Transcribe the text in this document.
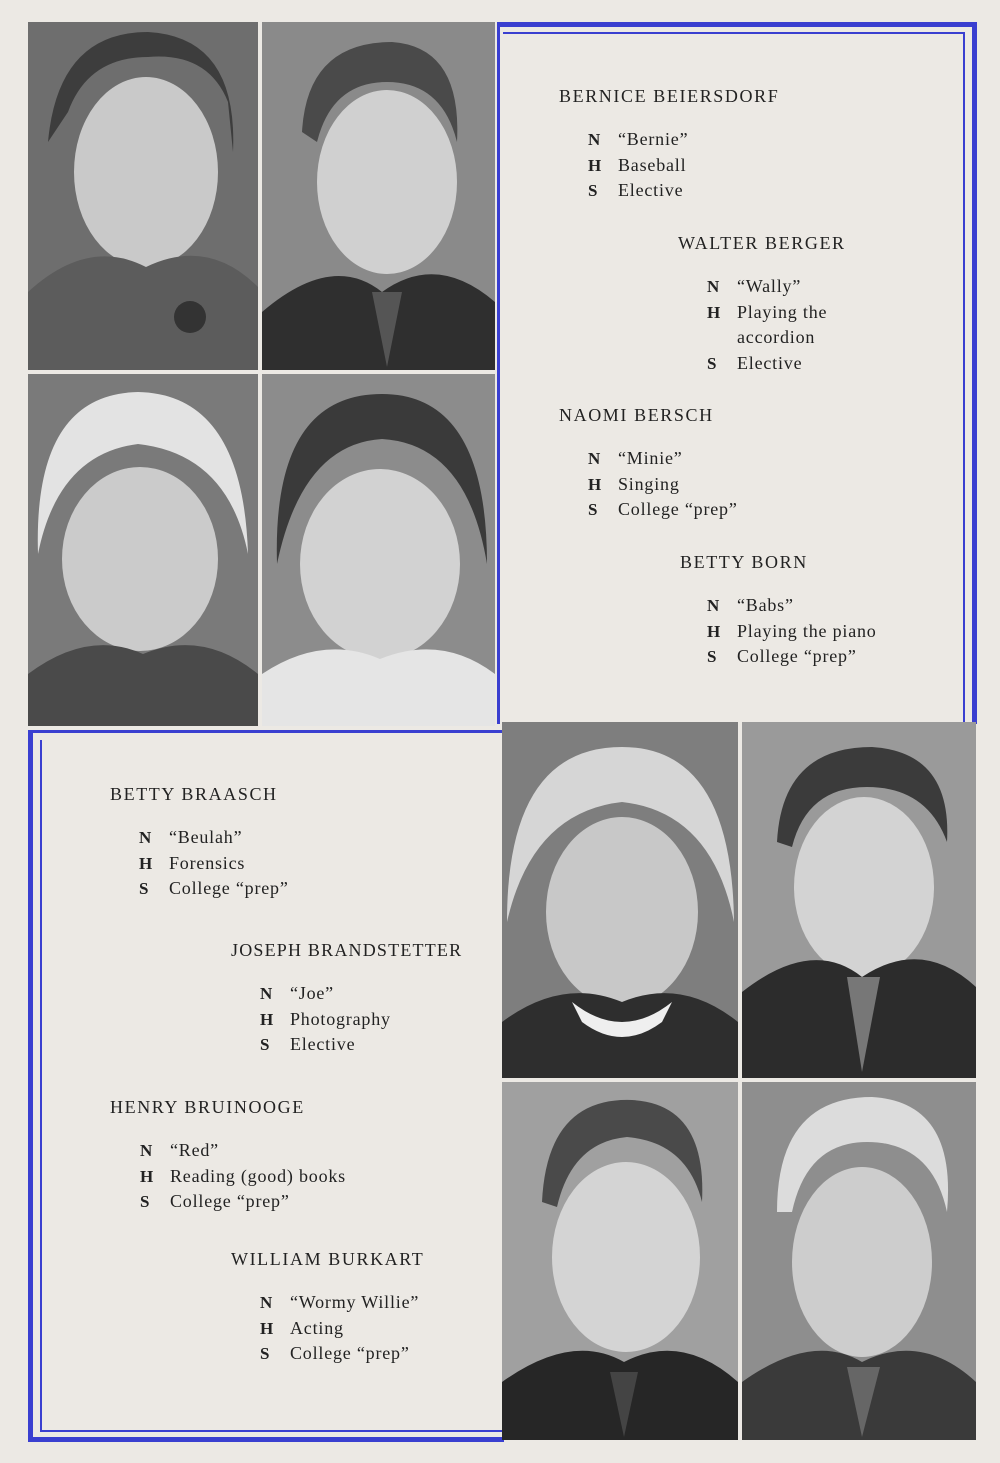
BERNICE BEIERSDORF
N “Bernie”
H Baseball
S	Elective
WALTER BERGER
N “Wally”
H Playing the
accordion
S	Elective
NAOMI BERSCH
N “Minie”
H Singing
S	College “prep”
BETTY BORN
N “Babs”
H Playing the piano
S	College “prep”
BETTY BRAASCH
N “Beulah”
H Forensics
S	College “prep”
JOSEPH BRANDSTETTER
N “Joe”
H Photography
S	Elective
HENRY BRUINOOGE
N “Red”
H Reading (good) books
S	College “prep”
WILLIAM BURKART
N “Wormy Willie”
H Acting
S	College “prep”
